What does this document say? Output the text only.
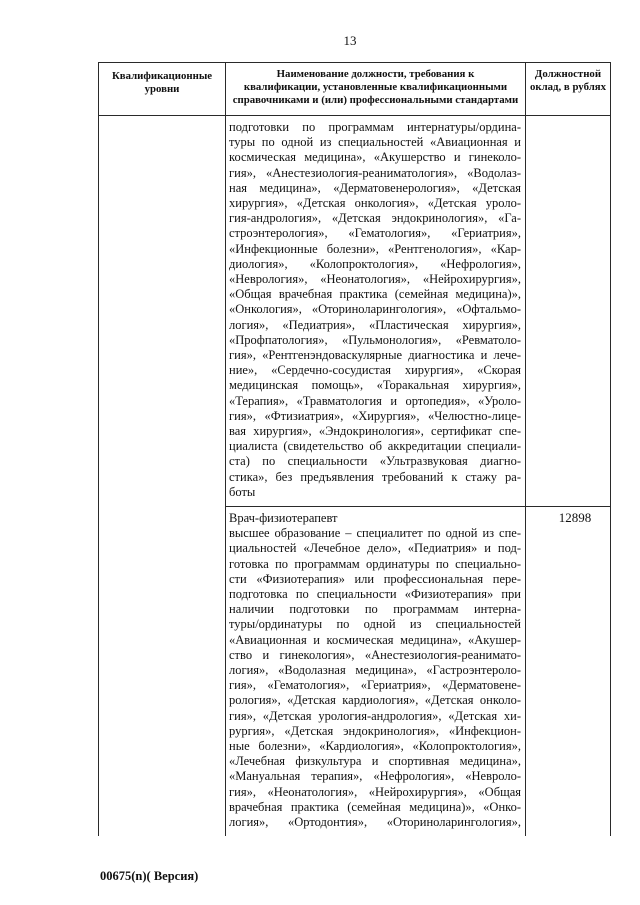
13
Квалификационные
уровни
Наименование должности, требования к
квалификации, установленные квалификационными
справочниками и (или) профессиональными стандартами
Должностной
оклад, в рублях
подготовки по программам интернатуры/ордина-
туры по одной из специальностей «Авиационная и
космическая медицина», «Акушерство и гинеколо-
гия», «Анестезиология-реаниматология», «Водолаз-
ная медицина», «Дерматовенерология», «Детская
хирургия», «Детская онкология», «Детская уроло-
гия-андрология», «Детская эндокринология», «Га-
строэнтерология», «Гематология», «Гериатрия»,
«Инфекционные болезни», «Рентгенология», «Кар-
диология», «Колопроктология», «Нефрология»,
«Неврология», «Неонатология», «Нейрохирургия»,
«Общая врачебная практика (семейная медицина)»,
«Онкология», «Оториноларингология», «Офтальмо-
логия», «Педиатрия», «Пластическая хирургия»,
«Профпатология», «Пульмонология», «Ревматоло-
гия», «Рентгенэндоваскулярные диагностика и лече-
ние», «Сердечно-сосудистая хирургия», «Скорая
медицинская помощь», «Торакальная хирургия»,
«Терапия», «Травматология и ортопедия», «Уроло-
гия», «Фтизиатрия», «Хирургия», «Челюстно-лице-
вая хирургия», «Эндокринология», сертификат спе-
циалиста (свидетельство об аккредитации специали-
ста) по специальности «Ультразвуковая диагно-
стика», без предъявления требований к стажу ра-
боты
Врач-физиотерапевт
высшее образование – специалитет по одной из спе-
циальностей «Лечебное дело», «Педиатрия» и под-
готовка по программам ординатуры по специально-
сти «Физиотерапия» или профессиональная пере-
подготовка по специальности «Физиотерапия» при
наличии подготовки по программам интерна-
туры/ординатуры по одной из специальностей
«Авиационная и космическая медицина», «Акушер-
ство и гинекология», «Анестезиология-реанимато-
логия», «Водолазная медицина», «Гастроэнтероло-
гия», «Гематология», «Гериатрия», «Дерматовене-
рология», «Детская кардиология», «Детская онколо-
гия», «Детская урология-андрология», «Детская хи-
рургия», «Детская эндокринология», «Инфекцион-
ные болезни», «Кардиология», «Колопроктология»,
«Лечебная физкультура и спортивная медицина»,
«Мануальная терапия», «Нефрология», «Невроло-
гия», «Неонатология», «Нейрохирургия», «Общая
врачебная практика (семейная медицина)», «Онко-
логия», «Ортодонтия», «Оториноларингология»,
12898
00675(n)( Версия)
